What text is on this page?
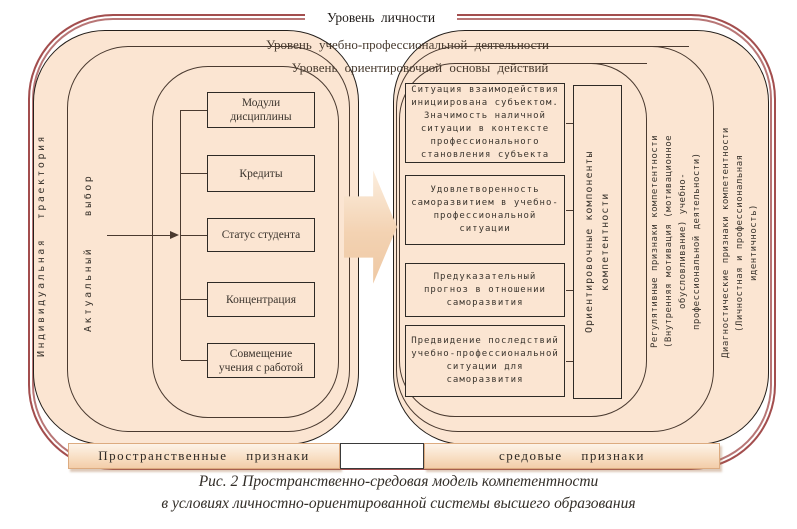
Уровень личности
Уровень учебно-профессиональной деятельности
Уровень ориентировочной основы действий
Индивидуальная траектория	Актуальный выбор
Модули дисциплины
Кредиты
Статус студента
Концентрация
Совмещение учения с работой
Ситуация взаимодействия инициирована субъектом. Значимость наличной ситуации в контексте профессионального становления субъекта
Удовлетворенность саморазвитием в учебно-профессиональной ситуации
Предуказательный прогноз в отношении саморазвития
Предвидение последствий учебно-профессиональной ситуации для саморазвития
Ориентировочные компоненты компетентности	Регулятивные признаки компетентности (Внутренняя мотивация (мотивационное обусловливание) учебно- профессиональной деятельности) Диагностические признаки компетентности (Личностная и профессиональная идентичность)
Пространственные признаки	средовые признаки
Рис. 2 Пространственно-средовая модель компетентности
в условиях личностно-ориентированной системы высшего образования
